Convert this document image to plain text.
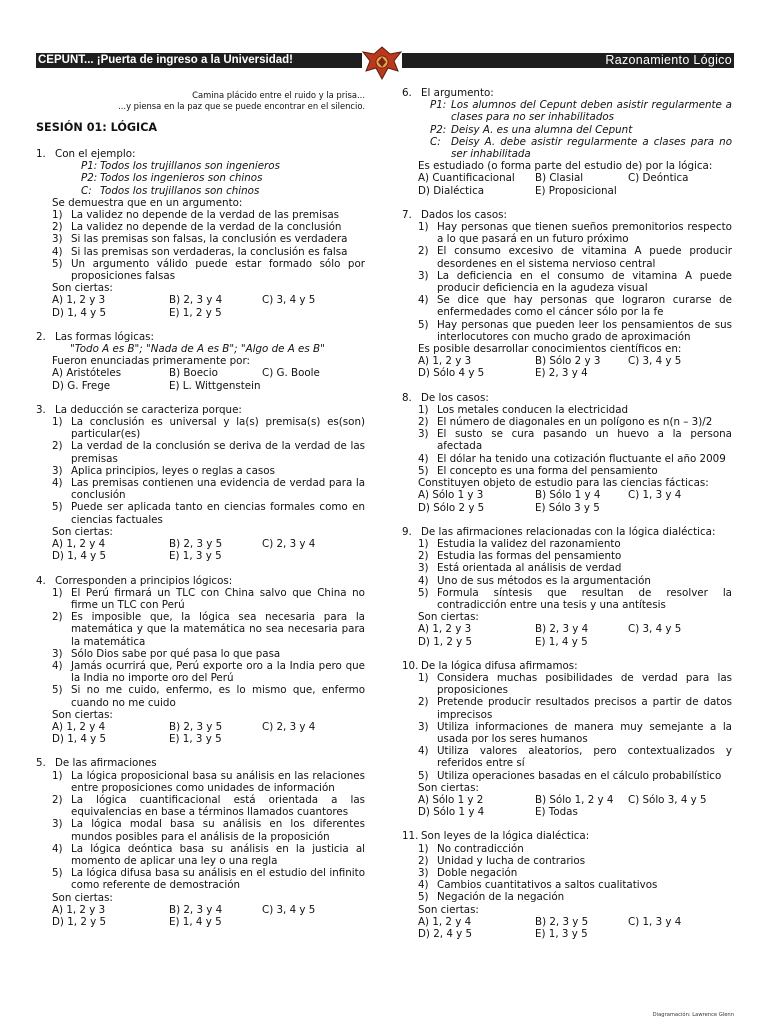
CEPUNT... ¡Puerta de ingreso a la Universidad!	Razonamiento Lógico
Camina plácido entre el ruido y la prisa...
...y piensa en la paz que se puede encontrar en el silencio.
SESIÓN 01: LÓGICA
1. Con el ejemplo:
P1: Todos los trujillanos son ingenieros
P2: Todos los ingenieros son chinos
C: Todos los trujillanos son chinos
Se demuestra que en un argumento:
1) La validez no depende de la verdad de las premisas
2) La validez no depende de la verdad de la conclusión
3) Si las premisas son falsas, la conclusión es verdadera
4) Si las premisas son verdaderas, la conclusión es falsa
5) Un argumento válido puede estar formado sólo por proposiciones falsas
Son ciertas:
A) 1, 2 y 3	B) 2, 3 y 4	C) 3, 4 y 5
D) 1, 4 y 5	E) 1, 2 y 5
2. Las formas lógicas:
"Todo A es B"; "Nada de A es B"; "Algo de A es B"
Fueron enunciadas primeramente por:
A) Aristóteles	B) Boecio	C) G. Boole
D) G. Frege	E) L. Wittgenstein
3. La deducción se caracteriza porque:
1) La conclusión es universal y la(s) premisa(s) es(son) particular(es)
2) La verdad de la conclusión se deriva de la verdad de las premisas
3) Aplica principios, leyes o reglas a casos
4) Las premisas contienen una evidencia de verdad para la conclusión
5) Puede ser aplicada tanto en ciencias formales como en ciencias factuales
Son ciertas:
A) 1, 2 y 4	B) 2, 3 y 5	C) 2, 3 y 4
D) 1, 4 y 5	E) 1, 3 y 5
4. Corresponden a principios lógicos:
1) El Perú firmará un TLC con China salvo que China no firme un TLC con Perú
2) Es imposible que, la lógica sea necesaria para la matemática y que la matemática no sea necesaria para la matemática
3) Sólo Dios sabe por qué pasa lo que pasa
4) Jamás ocurrirá que, Perú exporte oro a la India pero que la India no importe oro del Perú
5) Si no me cuido, enfermo, es lo mismo que, enfermo cuando no me cuido
Son ciertas:
A) 1, 2 y 4	B) 2, 3 y 5	C) 2, 3 y 4
D) 1, 4 y 5	E) 1, 3 y 5
5. De las afirmaciones
1) La lógica proposicional basa su análisis en las relaciones entre proposiciones como unidades de información
2) La lógica cuantificacional está orientada a las equivalencias en base a términos llamados cuantores
3) La lógica modal basa su análisis en los diferentes mundos posibles para el análisis de la proposición
4) La lógica deóntica basa su análisis en la justicia al momento de aplicar una ley o una regla
5) La lógica difusa basa su análisis en el estudio del infinito como referente de demostración
Son ciertas:
A) 1, 2 y 3	B) 2, 3 y 4	C) 3, 4 y 5
D) 1, 2 y 5	E) 1, 4 y 5
6. El argumento:
P1: Los alumnos del Cepunt deben asistir regularmente a clases para no ser inhabilitados
P2: Deisy A. es una alumna del Cepunt
C:	Deisy A. debe asistir regularmente a clases para no ser inhabilitada
Es estudiado (o forma parte del estudio de) por la lógica:
A) Cuantificacional	B) Clasial	C) Deóntica
D) Dialéctica	E) Proposicional
7. Dados los casos:
1) Hay personas que tienen sueños premonitorios respecto a lo que pasará en un futuro próximo
2) El consumo excesivo de vitamina A puede producir desordenes en el sistema nervioso central
3) La deficiencia en el consumo de vitamina A puede producir deficiencia en la agudeza visual
4) Se dice que hay personas que lograron curarse de enfermedades como el cáncer sólo por la fe
5) Hay personas que pueden leer los pensamientos de sus interlocutores con mucho grado de aproximación
Es posible desarrollar conocimientos científicos en:
A) 1, 2 y 3	B) Sólo 2 y 3	C) 3, 4 y 5
D) Sólo 4 y 5	E) 2, 3 y 4
8. De los casos:
1) Los metales conducen la electricidad
2) El número de diagonales en un polígono es n(n – 3)/2
3) El susto se cura pasando un huevo a la persona afectada
4) El dólar ha tenido una cotización fluctuante el año 2009
5) El concepto es una forma del pensamiento
Constituyen objeto de estudio para las ciencias fácticas:
A) Sólo 1 y 3	B) Sólo 1 y 4	C) 1, 3 y 4
D) Sólo 2 y 5	E) Sólo 3 y 5
9. De las afirmaciones relacionadas con la lógica dialéctica:
1) Estudia la validez del razonamiento
2) Estudia las formas del pensamiento
3) Está orientada al análisis de verdad
4) Uno de sus métodos es la argumentación
5) Formula síntesis que resultan de resolver la contradicción entre una tesis y una antítesis
Son ciertas:
A) 1, 2 y 3	B) 2, 3 y 4	C) 3, 4 y 5
D) 1, 2 y 5	E) 1, 4 y 5
10. De la lógica difusa afirmamos:
1) Considera muchas posibilidades de verdad para las proposiciones
2) Pretende producir resultados precisos a partir de datos imprecisos
3) Utiliza informaciones de manera muy semejante a la usada por los seres humanos
4) Utiliza valores aleatorios, pero contextualizados y referidos entre sí
5) Utiliza operaciones basadas en el cálculo probabilístico
Son ciertas:
A) Sólo 1 y 2	B) Sólo 1, 2 y 4	C) Sólo 3, 4 y 5
D) Sólo 1 y 4	E) Todas
11. Son leyes de la lógica dialéctica:
1) No contradicción
2) Unidad y lucha de contrarios
3) Doble negación
4) Cambios cuantitativos a saltos cualitativos
5) Negación de la negación
Son ciertas:
A) 1, 2 y 4	B) 2, 3 y 5	C) 1, 3 y 4
D) 2, 4 y 5	E) 1, 3 y 5
Diagramación: Lawrence Glenn
